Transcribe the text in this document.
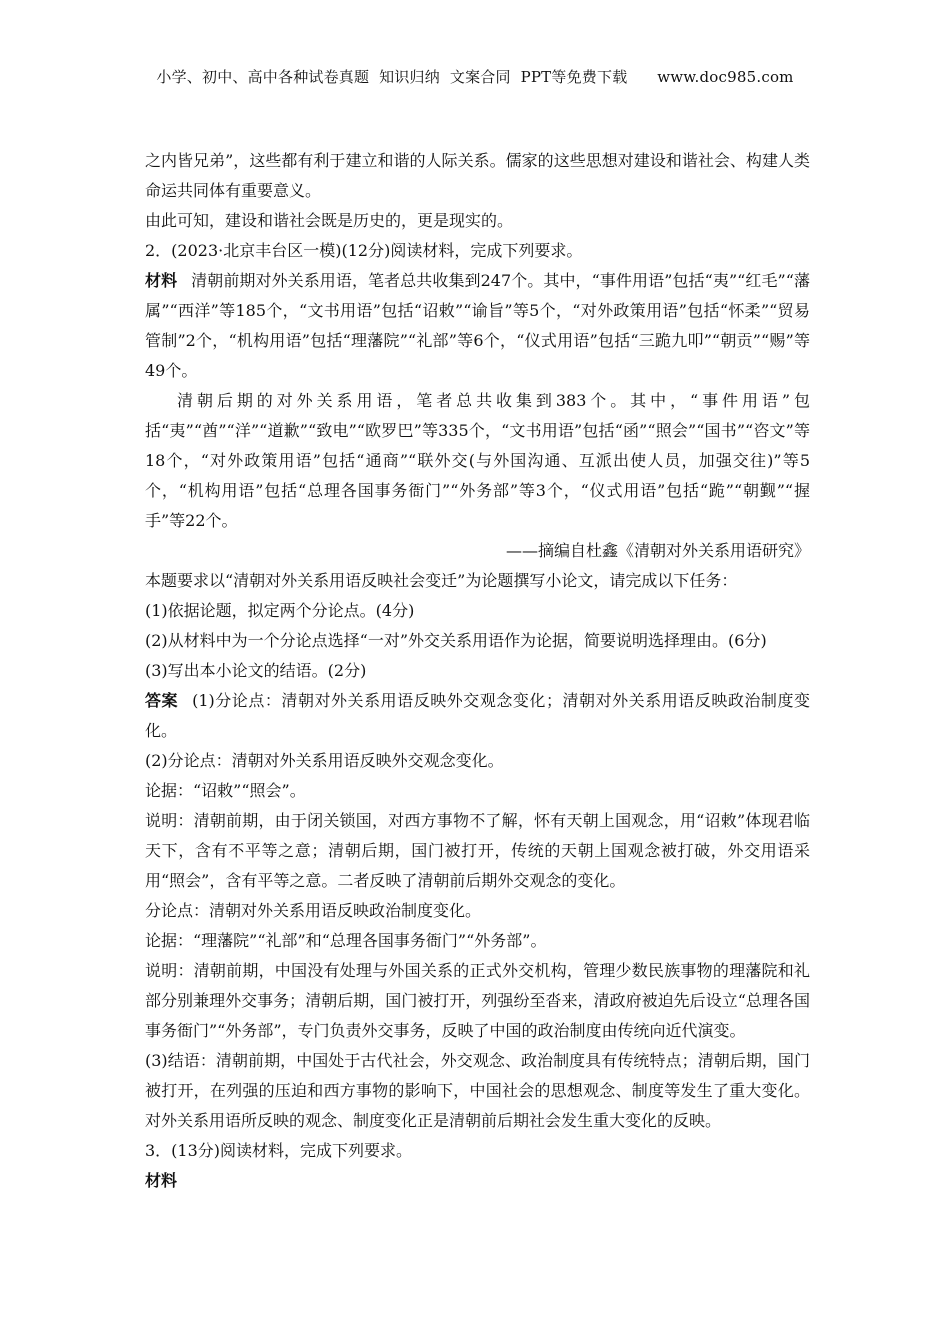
小学、初中、高中各种试卷真题  知识归纳  文案合同  PPT等免费下载      www.doc985.com

之内皆兄弟”，这些都有利于建立和谐的人际关系。儒家的这些思想对建设和谐社会、构建人类命运共同体有重要意义。

由此可知，建设和谐社会既是历史的，更是现实的。

2．(2023·北京丰台区一模)(12分)阅读材料，完成下列要求。

材料 清朝前期对外关系用语，笔者总共收集到247个。其中，“事件用语”包括“夷”“红毛”“藩属”“西洋”等185个，“文书用语”包括“诏敕”“谕旨”等5个，“对外政策用语”包括“怀柔”“贸易管制”2个，“机构用语”包括“理藩院”“礼部”等6个，“仪式用语”包括“三跪九叩”“朝贡”“赐”等49个。

清朝后期的对外关系用语，笔者总共收集到383个。其中，“事件用语”包括“夷”“酋”“洋”“道歉”“致电”“欧罗巴”等335个，“文书用语”包括“函”“照会”“国书”“咨文”等18个，“对外政策用语”包括“通商”“联外交(与外国沟通、互派出使人员，加强交往)”等5个，“机构用语”包括“总理各国事务衙门”“外务部”等3个，“仪式用语”包括“跪”“朝觐”“握手”等22个。

——摘编自杜鑫《清朝对外关系用语研究》

本题要求以“清朝对外关系用语反映社会变迁”为论题撰写小论文，请完成以下任务：

(1)依据论题，拟定两个分论点。(4分)

(2)从材料中为一个分论点选择“一对”外交关系用语作为论据，简要说明选择理由。(6分)

(3)写出本小论文的结语。(2分)

答案 (1)分论点：清朝对外关系用语反映外交观念变化；清朝对外关系用语反映政治制度变化。

(2)分论点：清朝对外关系用语反映外交观念变化。

论据：“诏敕”“照会”。

说明：清朝前期，由于闭关锁国，对西方事物不了解，怀有天朝上国观念，用“诏敕”体现君临天下，含有不平等之意；清朝后期，国门被打开，传统的天朝上国观念被打破，外交用语采用“照会”，含有平等之意。二者反映了清朝前后期外交观念的变化。

分论点：清朝对外关系用语反映政治制度变化。

论据：“理藩院”“礼部”和“总理各国事务衙门”“外务部”。

说明：清朝前期，中国没有处理与外国关系的正式外交机构，管理少数民族事物的理藩院和礼部分别兼理外交事务；清朝后期，国门被打开，列强纷至沓来，清政府被迫先后设立“总理各国事务衙门”“外务部”，专门负责外交事务，反映了中国的政治制度由传统向近代演变。

(3)结语：清朝前期，中国处于古代社会，外交观念、政治制度具有传统特点；清朝后期，国门被打开，在列强的压迫和西方事物的影响下，中国社会的思想观念、制度等发生了重大变化。对外关系用语所反映的观念、制度变化正是清朝前后期社会发生重大变化的反映。

3．(13分)阅读材料，完成下列要求。

材料
